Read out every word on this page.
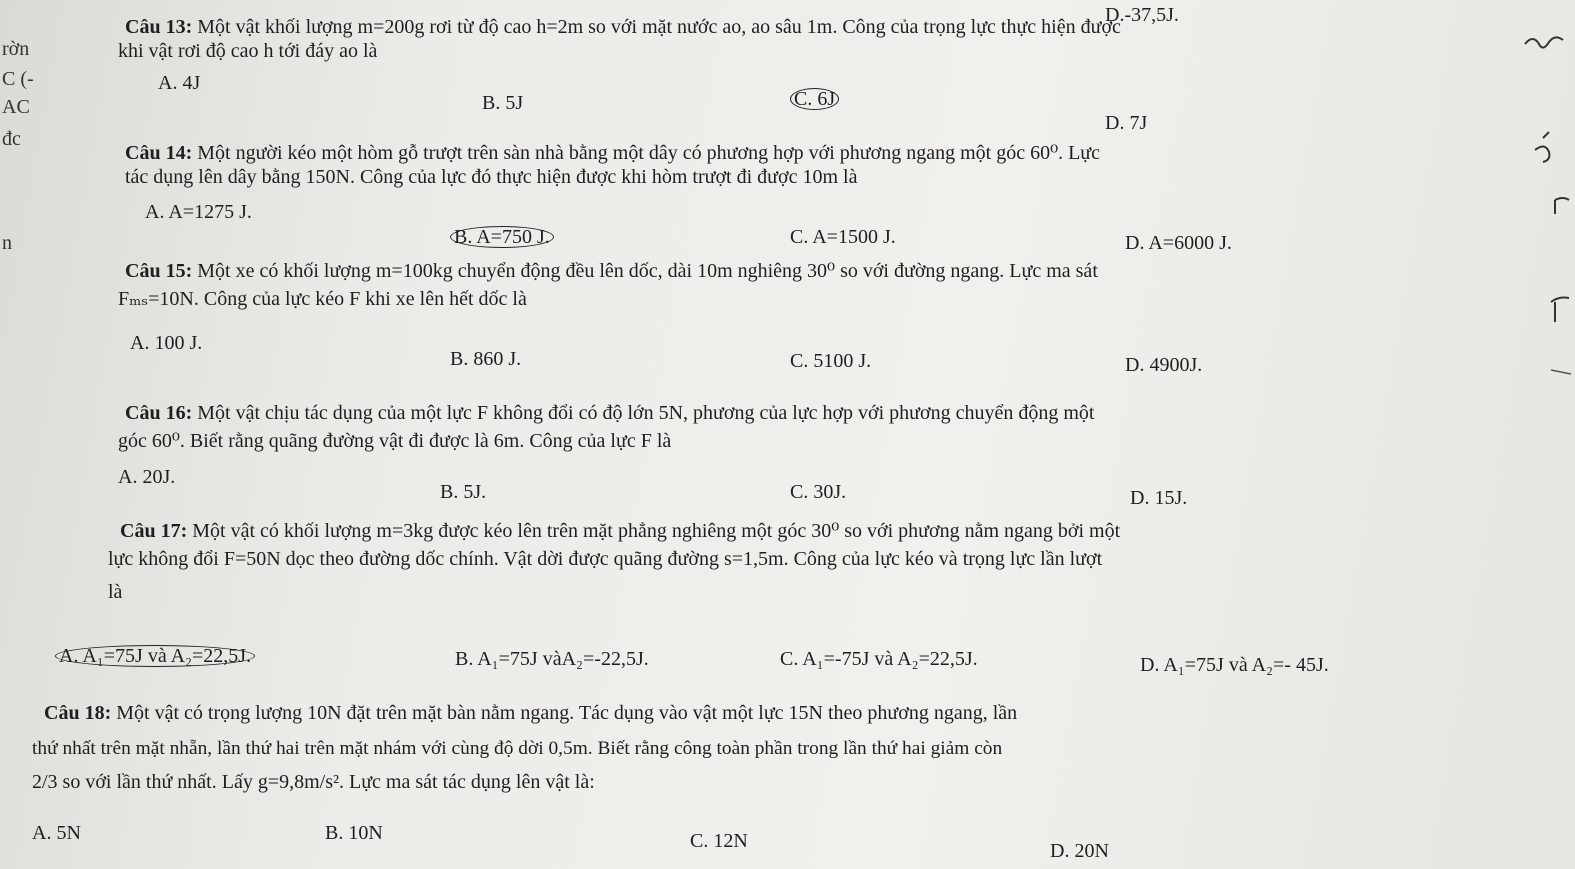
D.-37,5J.
rờn
C (-
AC
đc
n
Câu 13: Một vật khối lượng m=200g rơi từ độ cao h=2m so với mặt nước ao, ao sâu 1m. Công của trọng lực thực hiện được
khi vật rơi độ cao h tới đáy ao là
A. 4J
B. 5J	C. 6J
D. 7J
Câu 14: Một người kéo một hòm gỗ trượt trên sàn nhà bằng một dây có phương hợp với phương ngang một góc 60⁰. Lực
tác dụng lên dây bằng 150N. Công của lực đó thực hiện được khi hòm trượt đi được 10m là
A. A=1275 J.
B. A=750 J.	C. A=1500 J.	D. A=6000 J.
Câu 15: Một xe có khối lượng m=100kg chuyển động đều lên dốc, dài 10m nghiêng 30⁰ so với đường ngang. Lực ma sát
Fₘₛ=10N. Công của lực kéo F khi xe lên hết dốc là
A. 100 J.
B. 860 J.	C. 5100 J.	D. 4900J.
Câu 16: Một vật chịu tác dụng của một lực F không đổi có độ lớn 5N, phương của lực hợp với phương chuyển động một
góc 60⁰. Biết rằng quãng đường vật đi được là 6m. Công của lực F là
A. 20J.
B. 5J.	C. 30J.	D. 15J.
Câu 17: Một vật có khối lượng m=3kg được kéo lên trên mặt phẳng nghiêng một góc 30⁰ so với phương nằm ngang bởi một
lực không đổi F=50N dọc theo đường dốc chính. Vật dời được quãng đường s=1,5m. Công của lực kéo và trọng lực lần lượt
là
A. A₁=75J và A₂=22,5J.	B. A₁=75J vàA₂=-22,5J.	C. A₁=-75J và A₂=22,5J.	D. A₁=75J và A₂=- 45J.
Câu 18: Một vật có trọng lượng 10N đặt trên mặt bàn nằm ngang. Tác dụng vào vật một lực 15N theo phương ngang, lần
thứ nhất trên mặt nhẵn, lần thứ hai trên mặt nhám với cùng độ dời 0,5m. Biết rằng công toàn phần trong lần thứ hai giảm còn
2/3 so với lần thứ nhất. Lấy g=9,8m/s². Lực ma sát tác dụng lên vật là:
A. 5N	B. 10N	C. 12N	D. 20N
